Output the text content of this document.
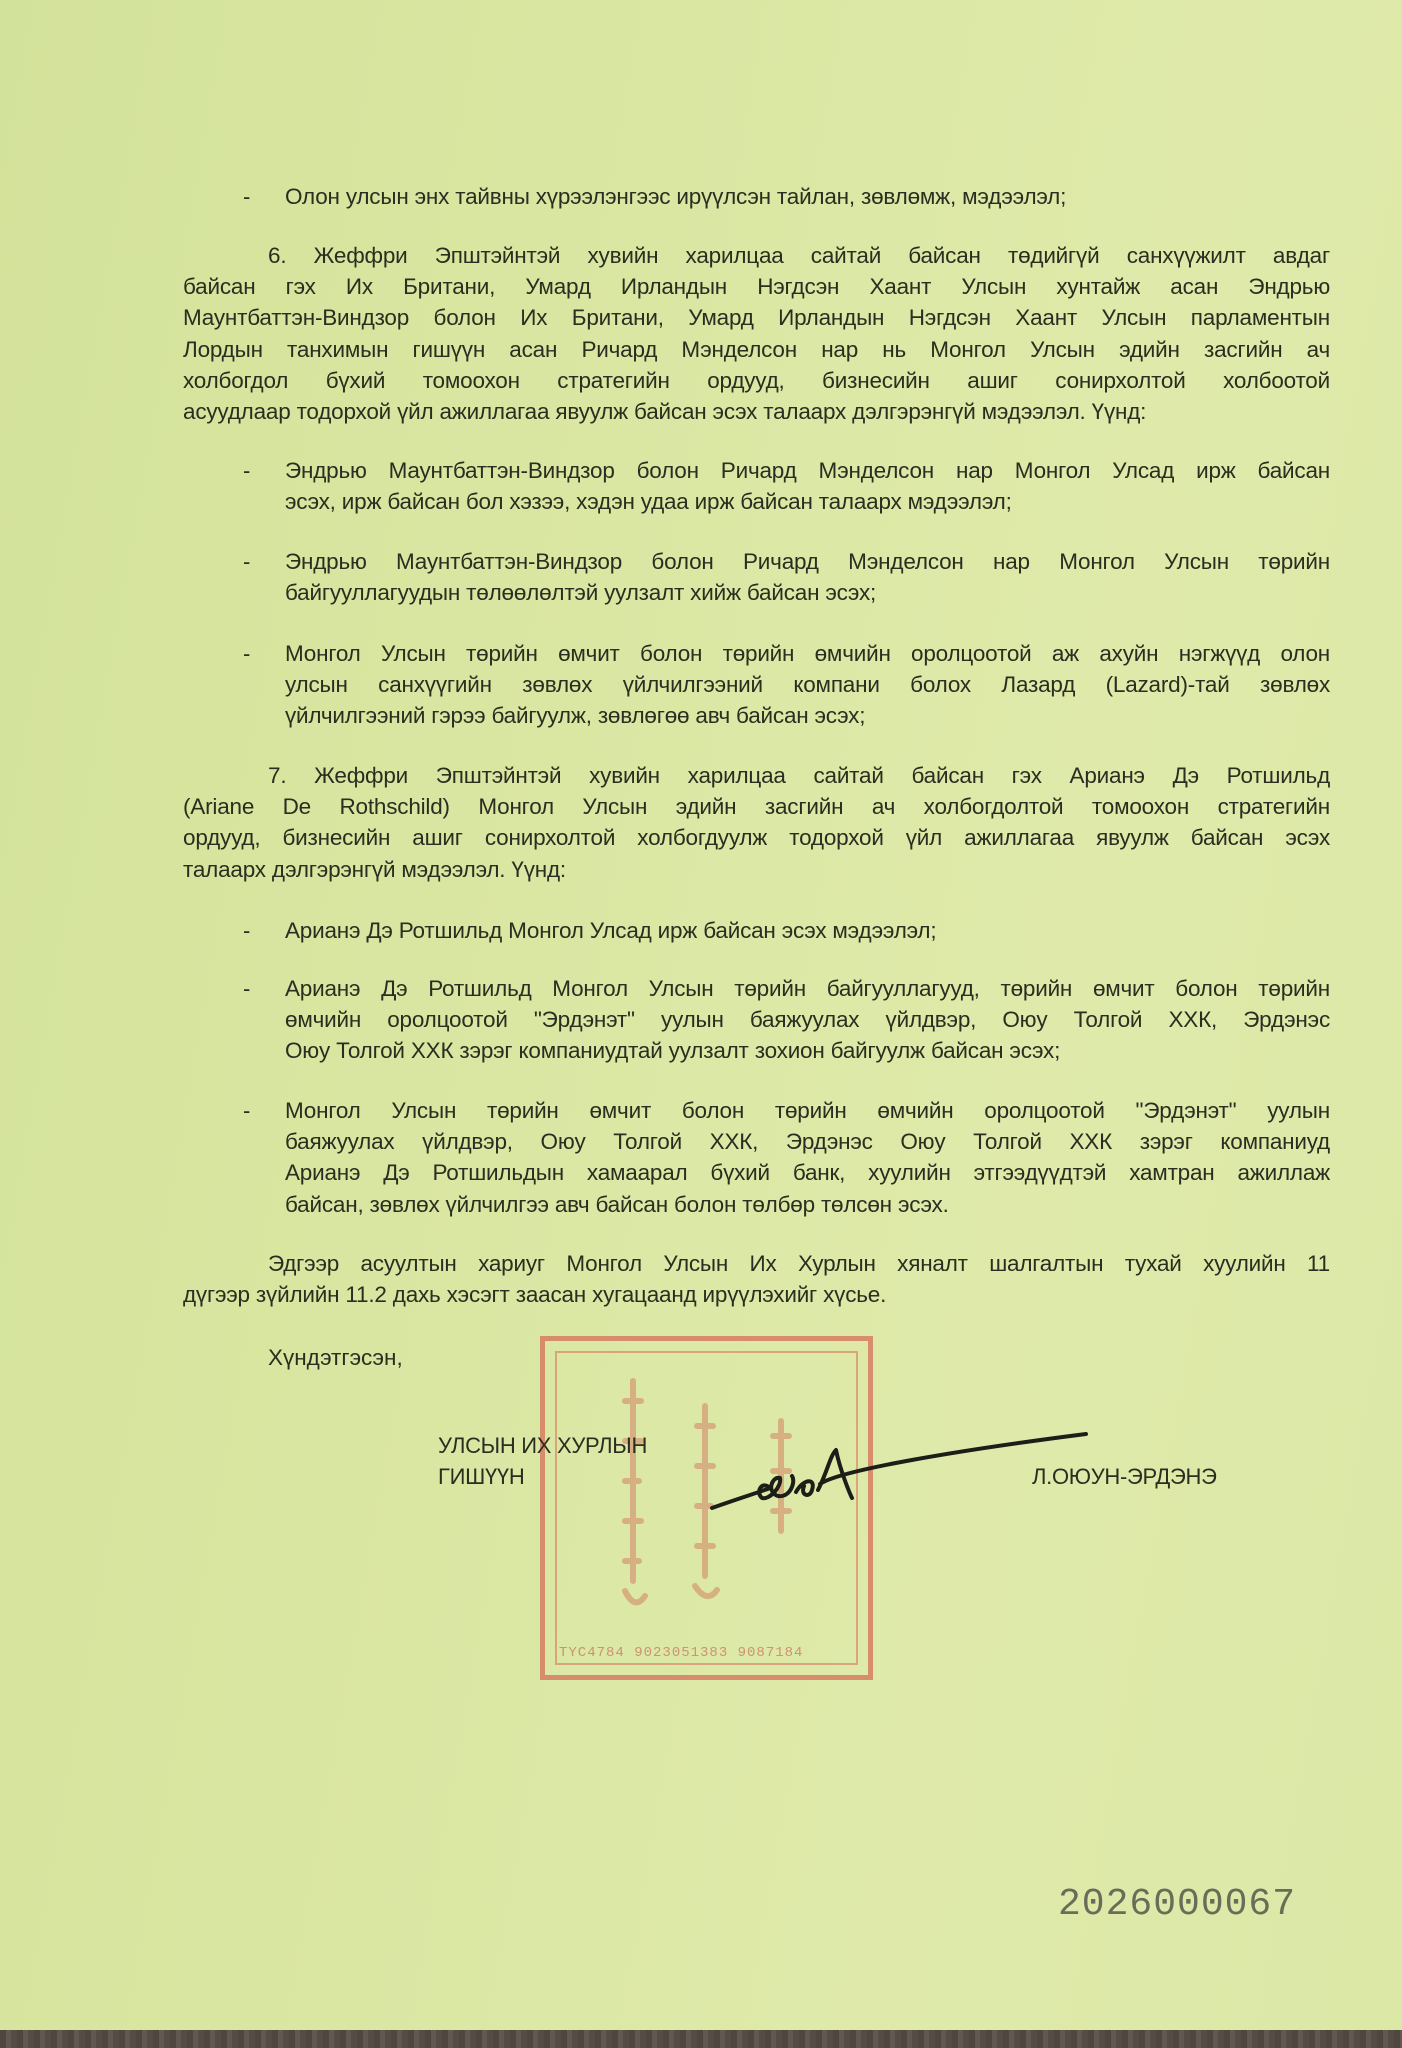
- Олон улсын энх тайвны хүрээлэнгээс ирүүлсэн тайлан, зөвлөмж, мэдээлэл;
6. Жеффри Эпштэйнтэй хувийн харилцаа сайтай байсан төдийгүй санхүүжилт авдаг
байсан гэх Их Британи, Умард Ирландын Нэгдсэн Хаант Улсын хунтайж асан Эндрью
Маунтбаттэн-Виндзор болон Их Британи, Умард Ирландын Нэгдсэн Хаант Улсын парламентын
Лордын танхимын гишүүн асан Ричард Мэнделсон нар нь Монгол Улсын эдийн засгийн ач
холбогдол бүхий томоохон стратегийн ордууд, бизнесийн ашиг сонирхолтой холбоотой
асуудлаар тодорхой үйл ажиллагаа явуулж байсан эсэх талаарх дэлгэрэнгүй мэдээлэл. Үүнд:
- Эндрью Маунтбаттэн-Виндзор болон Ричард Мэнделсон нар Монгол Улсад ирж байсан
эсэх, ирж байсан бол хэзээ, хэдэн удаа ирж байсан талаарх мэдээлэл;
- Эндрью Маунтбаттэн-Виндзор болон Ричард Мэнделсон нар Монгол Улсын төрийн
байгууллагуудын төлөөлөлтэй уулзалт хийж байсан эсэх;
- Монгол Улсын төрийн өмчит болон төрийн өмчийн оролцоотой аж ахуйн нэгжүүд олон
улсын санхүүгийн зөвлөх үйлчилгээний компани болох Лазард (Lazard)-тай зөвлөх
үйлчилгээний гэрээ байгуулж, зөвлөгөө авч байсан эсэх;
7. Жеффри Эпштэйнтэй хувийн харилцаа сайтай байсан гэх Арианэ Дэ Ротшильд
(Ariane De Rothschild) Монгол Улсын эдийн засгийн ач холбогдолтой томоохон стратегийн
ордууд, бизнесийн ашиг сонирхолтой холбогдуулж тодорхой үйл ажиллагаа явуулж байсан эсэх
талаарх дэлгэрэнгүй мэдээлэл. Үүнд:
- Арианэ Дэ Ротшильд Монгол Улсад ирж байсан эсэх мэдээлэл;
- Арианэ Дэ Ротшильд Монгол Улсын төрийн байгууллагууд, төрийн өмчит болон төрийн
өмчийн оролцоотой "Эрдэнэт" уулын баяжуулах үйлдвэр, Оюу Толгой ХХК, Эрдэнэс
Оюу Толгой ХХК зэрэг компаниудтай уулзалт зохион байгуулж байсан эсэх;
- Монгол Улсын төрийн өмчит болон төрийн өмчийн оролцоотой "Эрдэнэт" уулын
баяжуулах үйлдвэр, Оюу Толгой ХХК, Эрдэнэс Оюу Толгой ХХК зэрэг компаниуд
Арианэ Дэ Ротшильдын хамаарал бүхий банк, хуулийн этгээдүүдтэй хамтран ажиллаж
байсан, зөвлөх үйлчилгээ авч байсан болон төлбөр төлсөн эсэх.
Эдгээр асуултын хариуг Монгол Улсын Их Хурлын хяналт шалгалтын тухай хуулийн 11
дүгээр зүйлийн 11.2 дахь хэсэгт заасан хугацаанд ирүүлэхийг хүсье.
Хүндэтгэсэн,
ТҮС4784 9023051383 9087184
УЛСЫН ИХ ХУРЛЫН
ГИШҮҮН	Л.ОЮУН-ЭРДЭНЭ
2026000067
